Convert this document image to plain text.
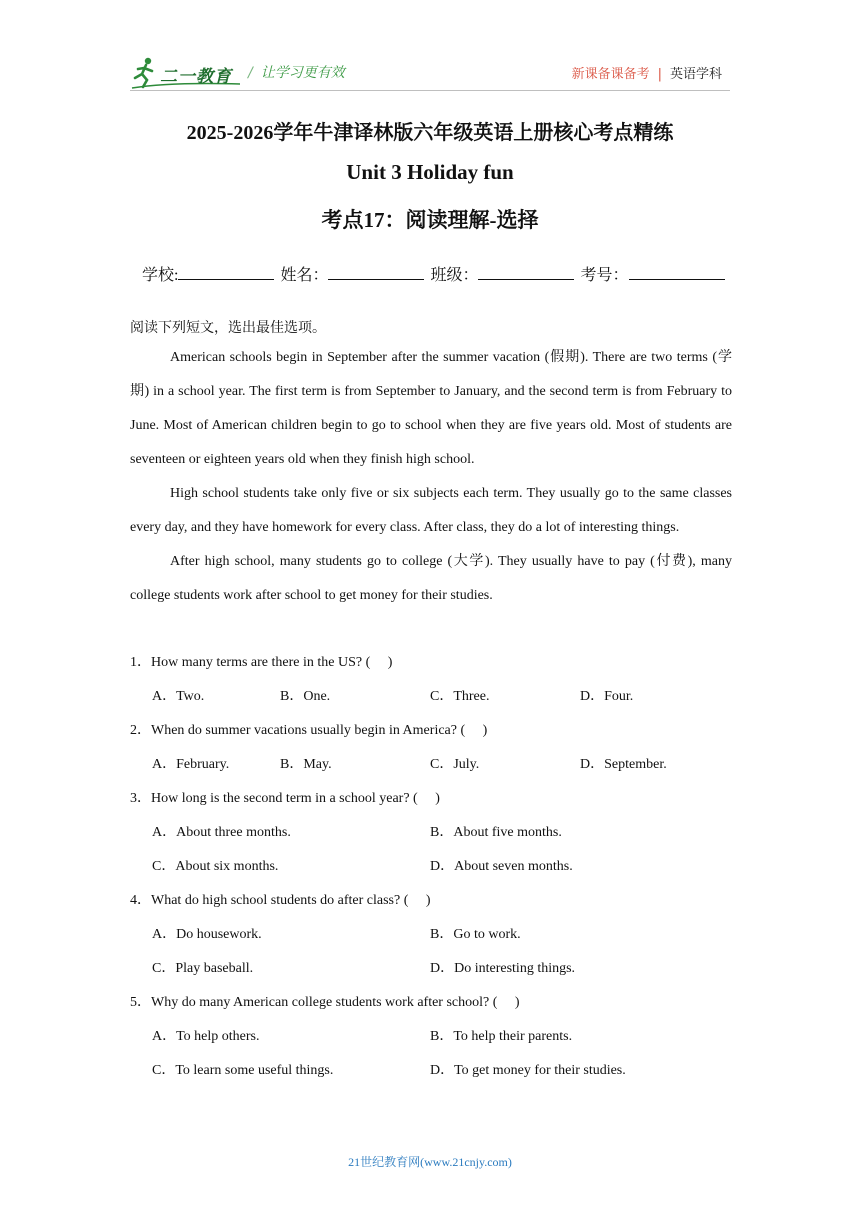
二一教育 / 让学习更有效	新课备课备考 | 英语学科
2025-2026学年牛津译林版六年级英语上册核心考点精练
Unit 3 Holiday fun
考点17：阅读理解-选择
学校:	姓名：	班级：	考号：
阅读下列短文，选出最佳选项。

American schools begin in September after the summer vacation (假期). There are two terms (学期) in a school year. The first term is from September to January, and the second term is from February to June. Most of American children begin to go to school when they are five years old. Most of students are seventeen or eighteen years old when they finish high school.

High school students take only five or six subjects each term. They usually go to the same classes every day, and they have homework for every class. After class, they do a lot of interesting things.

After high school, many students go to college (大学). They usually have to pay (付费), many college students work after school to get money for their studies.

1．How many terms are there in the US? (　 )
A．Two.	B．One.	C．Three.	D．Four.
2．When do summer vacations usually begin in America? (　 )
A．February.	B．May.	C．July.	D．September.
3．How long is the second term in a school year? (　 )
A．About three months.	B．About five months.
C．About six months.	D．About seven months.
4．What do high school students do after class? (　 )
A．Do housework.	B．Go to work.
C．Play baseball.	D．Do interesting things.
5．Why do many American college students work after school? (　 )
A．To help others.	B．To help their parents.
C．To learn some useful things.	D．To get money for their studies.
21世纪教育网(www.21cnjy.com)
